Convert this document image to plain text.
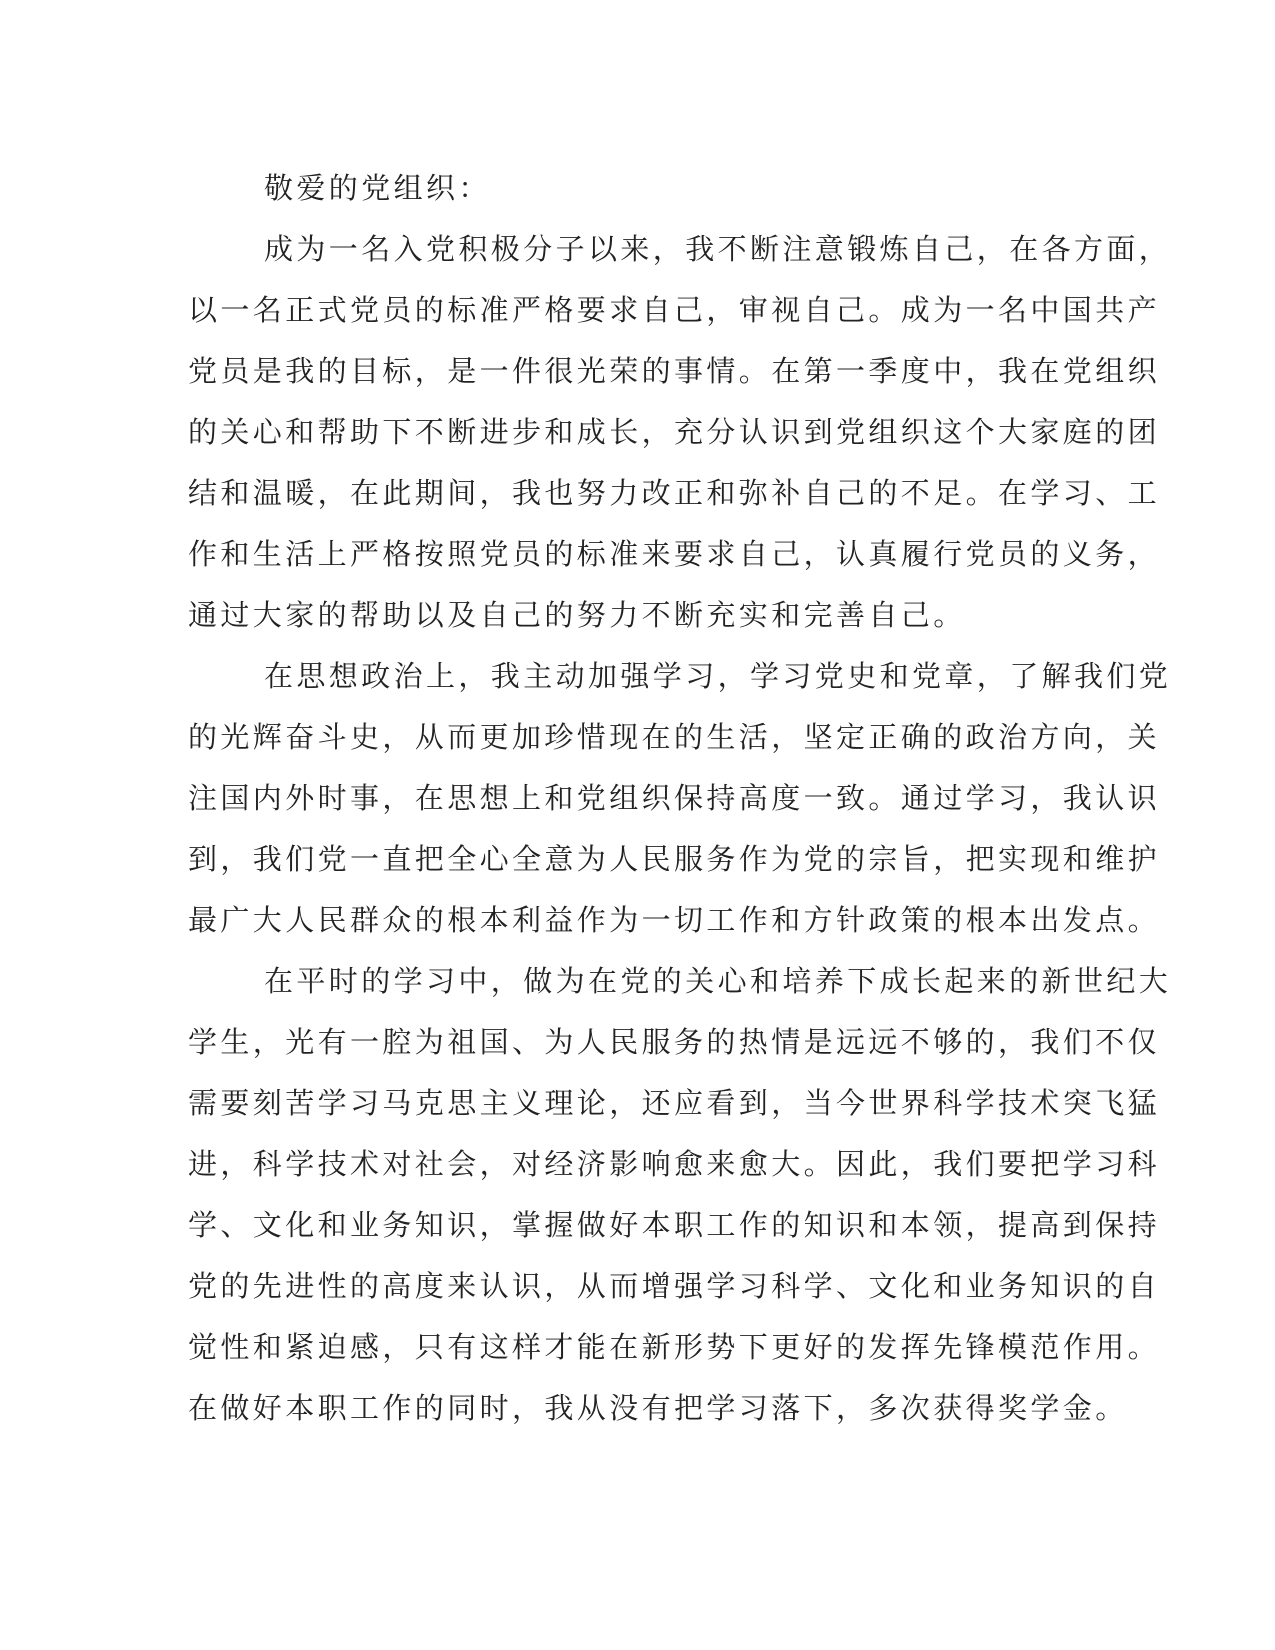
敬爱的党组织：
成为一名入党积极分子以来，我不断注意锻炼自己，在各方面，
以一名正式党员的标准严格要求自己，审视自己。成为一名中国共产
党员是我的目标，是一件很光荣的事情。在第一季度中，我在党组织
的关心和帮助下不断进步和成长，充分认识到党组织这个大家庭的团
结和温暖，在此期间，我也努力改正和弥补自己的不足。在学习、工
作和生活上严格按照党员的标准来要求自己，认真履行党员的义务，
通过大家的帮助以及自己的努力不断充实和完善自己。
在思想政治上，我主动加强学习，学习党史和党章，了解我们党
的光辉奋斗史，从而更加珍惜现在的生活，坚定正确的政治方向，关
注国内外时事，在思想上和党组织保持高度一致。通过学习，我认识
到，我们党一直把全心全意为人民服务作为党的宗旨，把实现和维护
最广大人民群众的根本利益作为一切工作和方针政策的根本出发点。
在平时的学习中，做为在党的关心和培养下成长起来的新世纪大
学生，光有一腔为祖国、为人民服务的热情是远远不够的，我们不仅
需要刻苦学习马克思主义理论，还应看到，当今世界科学技术突飞猛
进，科学技术对社会，对经济影响愈来愈大。因此，我们要把学习科
学、文化和业务知识，掌握做好本职工作的知识和本领，提高到保持
党的先进性的高度来认识，从而增强学习科学、文化和业务知识的自
觉性和紧迫感，只有这样才能在新形势下更好的发挥先锋模范作用。
在做好本职工作的同时，我从没有把学习落下，多次获得奖学金。
